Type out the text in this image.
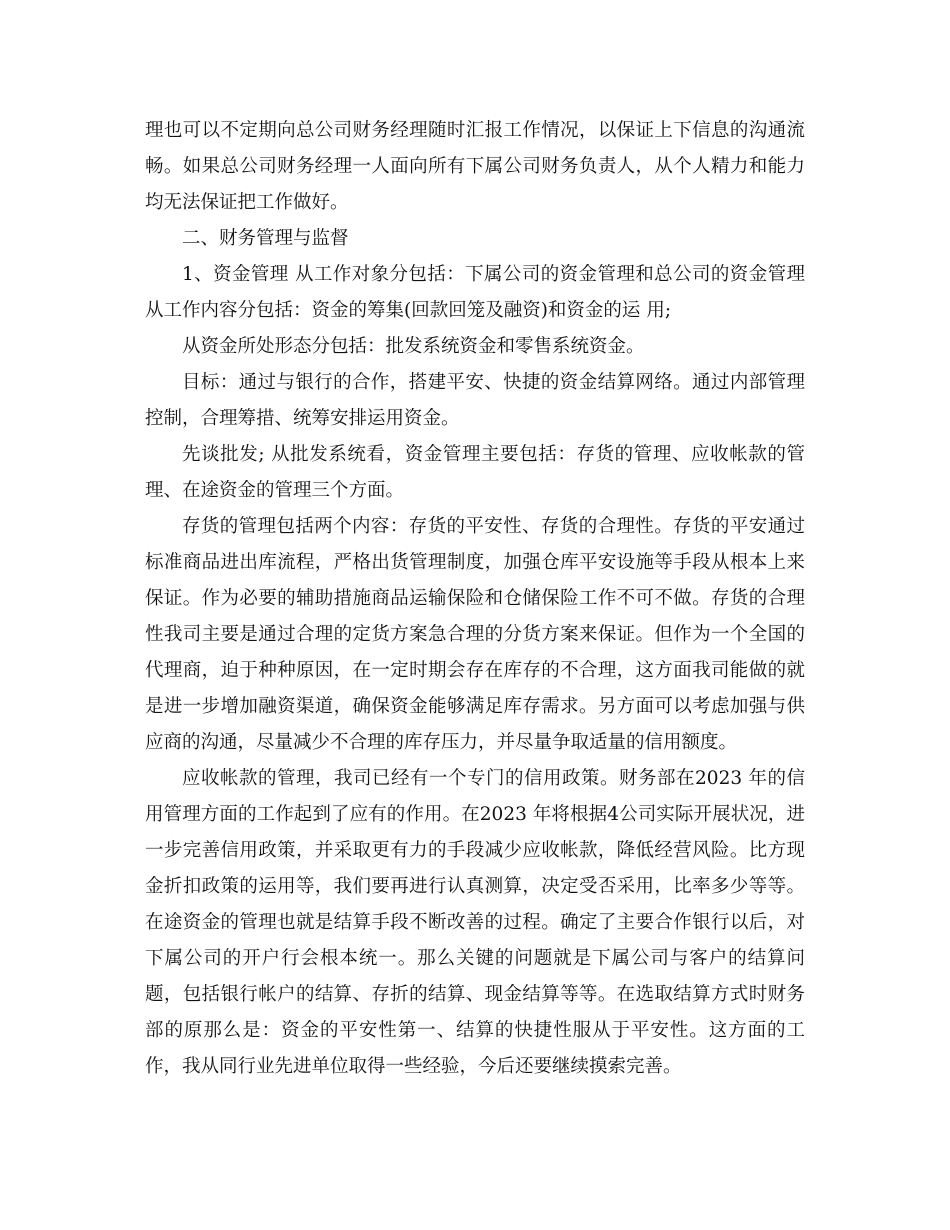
理也可以不定期向总公司财务经理随时汇报工作情况，以保证上下信息的沟通流畅。如果总公司财务经理一人面向所有下属公司财务负责人，从个人精力和能力均无法保证把工作做好。

二、财务管理与监督

1、资金管理 从工作对象分包括：下属公司的资金管理和总公司的资金管理从工作内容分包括：资金的筹集(回款回笼及融资)和资金的运 用;

从资金所处形态分包括：批发系统资金和零售系统资金。

目标：通过与银行的合作，搭建平安、快捷的资金结算网络。通过内部管理控制，合理筹措、统筹安排运用资金。

先谈批发; 从批发系统看，资金管理主要包括：存货的管理、应收帐款的管理、在途资金的管理三个方面。

存货的管理包括两个内容：存货的平安性、存货的合理性。存货的平安通过标准商品进出库流程，严格出货管理制度，加强仓库平安设施等手段从根本上来保证。作为必要的辅助措施商品运输保险和仓储保险工作不可不做。存货的合理性我司主要是通过合理的定货方案急合理的分货方案来保证。但作为一个全国的代理商，迫于种种原因，在一定时期会存在库存的不合理，这方面我司能做的就是进一步增加融资渠道，确保资金能够满足库存需求。另方面可以考虑加强与供应商的沟通，尽量减少不合理的库存压力，并尽量争取适量的信用额度。

应收帐款的管理，我司已经有一个专门的信用政策。财务部在2023 年的信用管理方面的工作起到了应有的作用。在2023 年将根据4公司实际开展状况，进一步完善信用政策，并采取更有力的手段减少应收帐款，降低经营风险。比方现金折扣政策的运用等，我们要再进行认真测算，决定受否采用，比率多少等等。在途资金的管理也就是结算手段不断改善的过程。确定了主要合作银行以后，对下属公司的开户行会根本统一。那么关键的问题就是下属公司与客户的结算问题，包括银行帐户的结算、存折的结算、现金结算等等。在选取结算方式时财务部的原那么是：资金的平安性第一、结算的快捷性服从于平安性。这方面的工作，我从同行业先进单位取得一些经验，今后还要继续摸索完善。
